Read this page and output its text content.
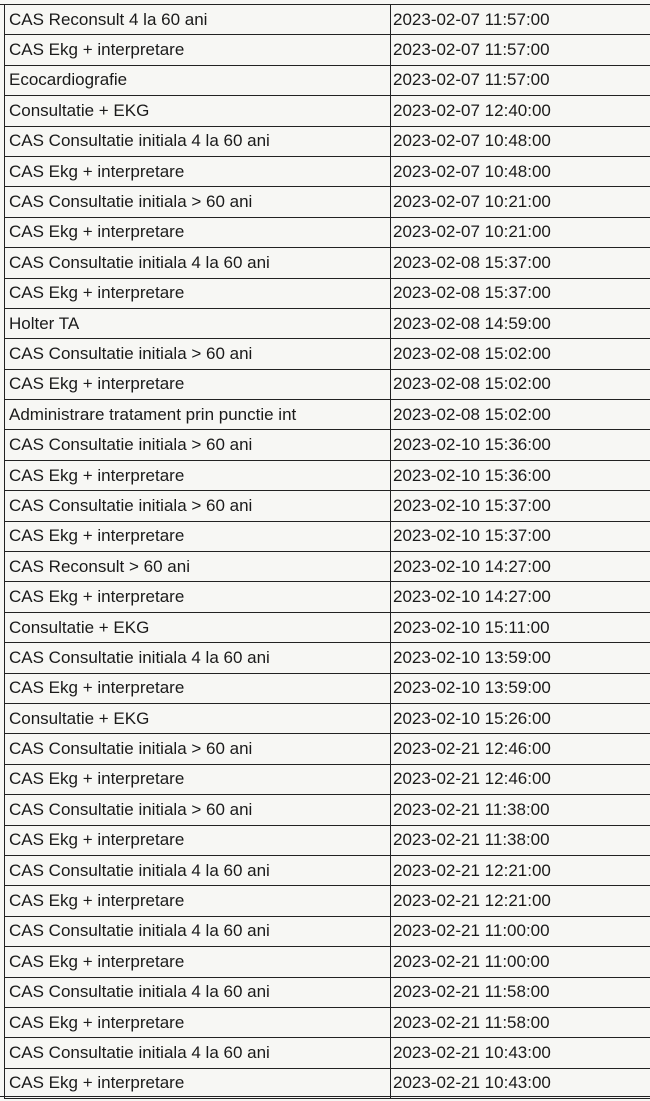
CAS Reconsult 4 la 60 ani	2023-02-07 11:57:00
CAS Ekg + interpretare	2023-02-07 11:57:00
Ecocardiografie	2023-02-07 11:57:00
Consultatie + EKG	2023-02-07 12:40:00
CAS Consultatie initiala 4 la 60 ani	2023-02-07 10:48:00
CAS Ekg + interpretare	2023-02-07 10:48:00
CAS Consultatie initiala > 60 ani	2023-02-07 10:21:00
CAS Ekg + interpretare	2023-02-07 10:21:00
CAS Consultatie initiala 4 la 60 ani	2023-02-08 15:37:00
CAS Ekg + interpretare	2023-02-08 15:37:00
Holter TA	2023-02-08 14:59:00
CAS Consultatie initiala > 60 ani	2023-02-08 15:02:00
CAS Ekg + interpretare	2023-02-08 15:02:00
Administrare tratament prin punctie int	2023-02-08 15:02:00
CAS Consultatie initiala > 60 ani	2023-02-10 15:36:00
CAS Ekg + interpretare	2023-02-10 15:36:00
CAS Consultatie initiala > 60 ani	2023-02-10 15:37:00
CAS Ekg + interpretare	2023-02-10 15:37:00
CAS Reconsult > 60 ani	2023-02-10 14:27:00
CAS Ekg + interpretare	2023-02-10 14:27:00
Consultatie + EKG	2023-02-10 15:11:00
CAS Consultatie initiala 4 la 60 ani	2023-02-10 13:59:00
CAS Ekg + interpretare	2023-02-10 13:59:00
Consultatie + EKG	2023-02-10 15:26:00
CAS Consultatie initiala > 60 ani	2023-02-21 12:46:00
CAS Ekg + interpretare	2023-02-21 12:46:00
CAS Consultatie initiala > 60 ani	2023-02-21 11:38:00
CAS Ekg + interpretare	2023-02-21 11:38:00
CAS Consultatie initiala 4 la 60 ani	2023-02-21 12:21:00
CAS Ekg + interpretare	2023-02-21 12:21:00
CAS Consultatie initiala 4 la 60 ani	2023-02-21 11:00:00
CAS Ekg + interpretare	2023-02-21 11:00:00
CAS Consultatie initiala 4 la 60 ani	2023-02-21 11:58:00
CAS Ekg + interpretare	2023-02-21 11:58:00
CAS Consultatie initiala 4 la 60 ani	2023-02-21 10:43:00
CAS Ekg + interpretare	2023-02-21 10:43:00
